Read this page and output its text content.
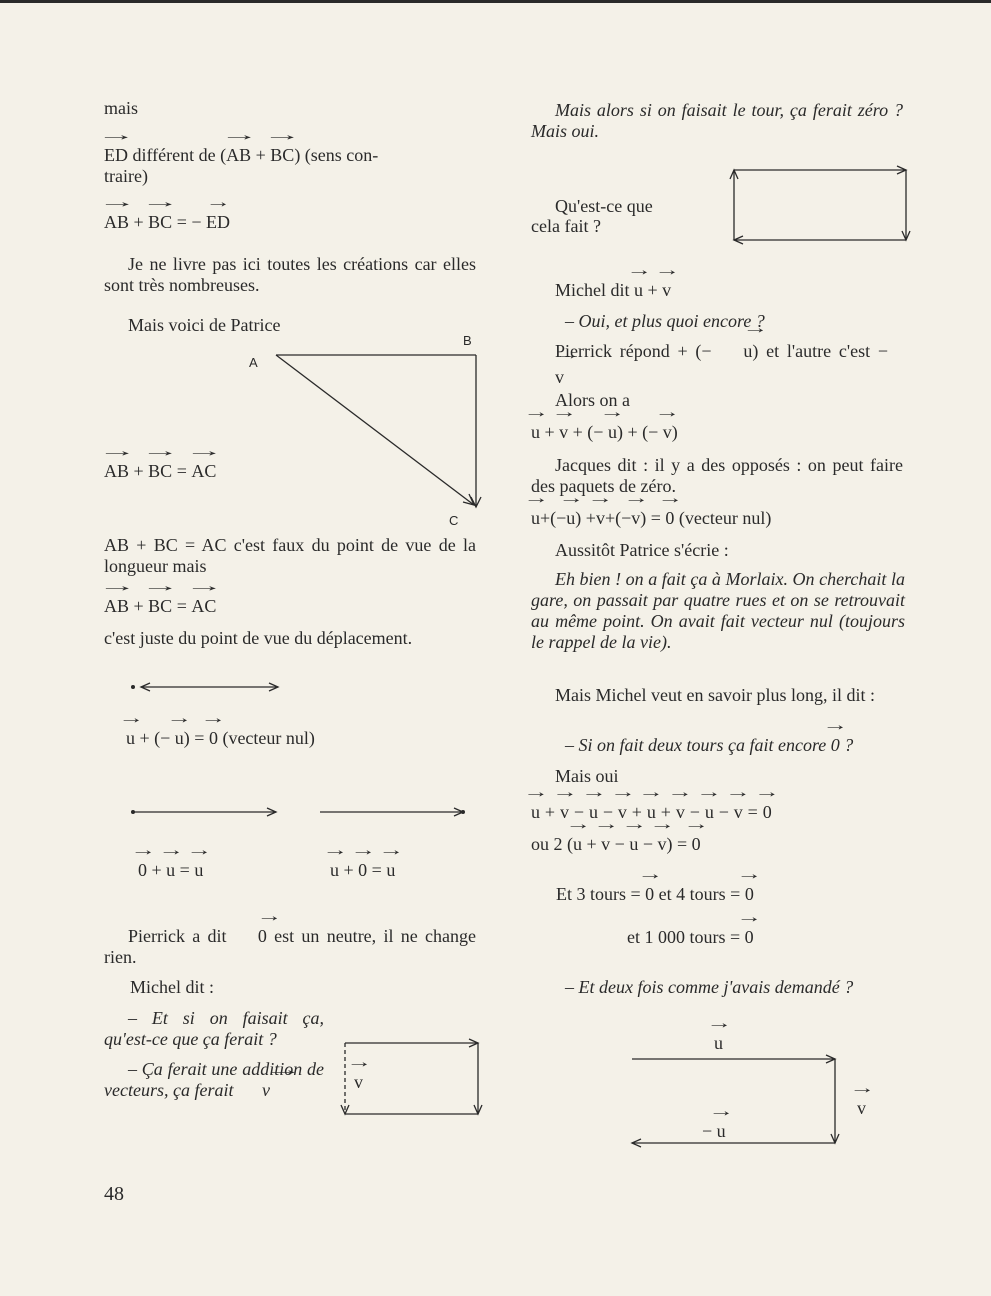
mais
→ ED différent de (→ AB + → BC) (sens con-
traire)
→ AB + → BC = − → ED
Je ne livre pas ici toutes les créations car elles sont très nombreuses.
Mais voici de Patrice
A
B
C
→ AB + → BC = → AC
AB + BC = AC c'est faux du point de vue de la longueur mais
→ AB + → BC = → AC
c'est juste du point de vue du déplacement.
→ u + (− → u) = → 0 (vecteur nul)
→ 0 + → u = → u	→ u + → 0 = → u
Pierrick a dit → 0 est un neutre, il ne change rien.
Michel dit :
– Et si on faisait ça, qu'est-ce que ça ferait ?
– Ça ferait une addition de vecteurs, ça ferait → v	→ v
48
Mais alors si on faisait le tour, ça ferait zéro ? Mais oui.
Qu'est-ce que
cela fait ?
Michel dit → u + → v
– Oui, et plus quoi encore ?
Pierrick répond + (− → u) et l'autre c'est − → v
Alors on a
→ u + → v + (− → u) + (− → v)
Jacques dit : il y a des opposés : on peut faire des paquets de zéro.
→ u+(−→ u) +→ v+(−→ v) = → 0 (vecteur nul)
Aussitôt Patrice s'écrie :
Eh bien ! on a fait ça à Morlaix. On cherchait la gare, on passait par quatre rues et on se retrouvait au même point. On avait fait vecteur nul (toujours le rappel de la vie).
Mais Michel veut en savoir plus long, il dit :
– Si on fait deux tours ça fait encore → 0 ?
Mais oui
→ u + → v − → u − → v + → u + → v − → u − → v = → 0
ou 2 (→ u + → v − → u − → v) = → 0
Et 3 tours = → 0 et 4 tours = → 0
et 1 000 tours = → 0
– Et deux fois comme j'avais demandé ?
→ u
→ v
− → u
